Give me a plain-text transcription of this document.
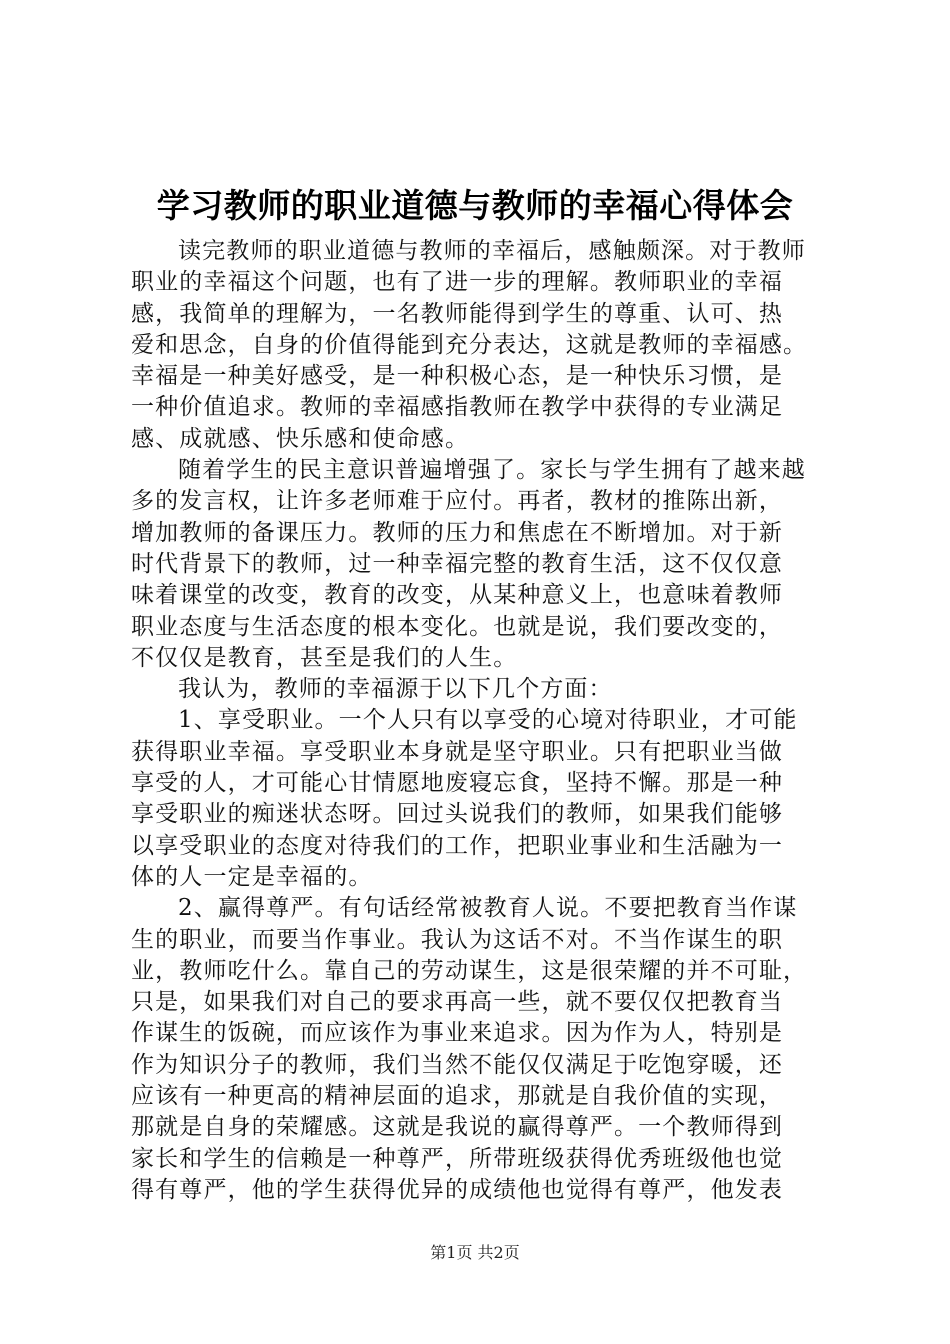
学习教师的职业道德与教师的幸福心得体会
读完教师的职业道德与教师的幸福后，感触颇深。对于教师
职业的幸福这个问题，也有了进一步的理解。教师职业的幸福
感，我简单的理解为，一名教师能得到学生的尊重、认可、热
爱和思念，自身的价值得能到充分表达，这就是教师的幸福感。
幸福是一种美好感受，是一种积极心态，是一种快乐习惯，是
一种价值追求。教师的幸福感指教师在教学中获得的专业满足
感、成就感、快乐感和使命感。
随着学生的民主意识普遍增强了。家长与学生拥有了越来越
多的发言权，让许多老师难于应付。再者，教材的推陈出新，
增加教师的备课压力。教师的压力和焦虑在不断增加。对于新
时代背景下的教师，过一种幸福完整的教育生活，这不仅仅意
味着课堂的改变，教育的改变，从某种意义上，也意味着教师
职业态度与生活态度的根本变化。也就是说，我们要改变的，
不仅仅是教育，甚至是我们的人生。
我认为，教师的幸福源于以下几个方面：
1、享受职业。一个人只有以享受的心境对待职业，才可能
获得职业幸福。享受职业本身就是坚守职业。只有把职业当做
享受的人，才可能心甘情愿地废寝忘食，坚持不懈。那是一种
享受职业的痴迷状态呀。回过头说我们的教师，如果我们能够
以享受职业的态度对待我们的工作，把职业事业和生活融为一
体的人一定是幸福的。
2、赢得尊严。有句话经常被教育人说。不要把教育当作谋
生的职业，而要当作事业。我认为这话不对。不当作谋生的职
业，教师吃什么。靠自己的劳动谋生，这是很荣耀的并不可耻，
只是，如果我们对自己的要求再高一些，就不要仅仅把教育当
作谋生的饭碗，而应该作为事业来追求。因为作为人，特别是
作为知识分子的教师，我们当然不能仅仅满足于吃饱穿暖，还
应该有一种更高的精神层面的追求，那就是自我价值的实现，
那就是自身的荣耀感。这就是我说的赢得尊严。一个教师得到
家长和学生的信赖是一种尊严，所带班级获得优秀班级他也觉
得有尊严，他的学生获得优异的成绩他也觉得有尊严，他发表
第1页 共2页
